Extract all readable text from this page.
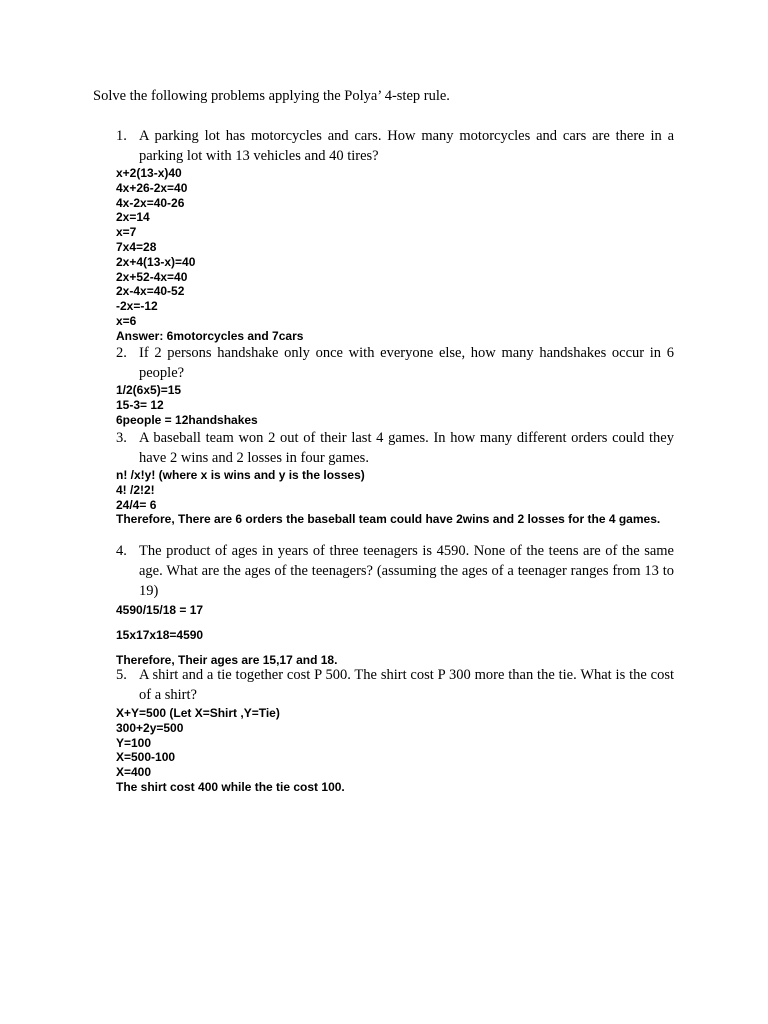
Solve the following problems applying the Polya’ 4-step rule.
1. A parking lot has motorcycles and cars. How many motorcycles and cars are there in a parking lot with 13 vehicles and 40 tires?
x+2(13-x)40
4x+26-2x=40
4x-2x=40-26
2x=14
x=7
7x4=28
2x+4(13-x)=40
2x+52-4x=40
2x-4x=40-52
-2x=-12
x=6
Answer: 6motorcycles and 7cars
2. If 2 persons handshake only once with everyone else, how many handshakes occur in 6 people?
1/2(6x5)=15
15-3= 12
6people = 12handshakes
3. A baseball team won 2 out of their last 4 games. In how many different orders could they have 2 wins and 2 losses in four games.
n! /x!y! (where x is wins and y is the losses)
4! /2!2!
24/4= 6
Therefore, There are 6 orders the baseball team could have 2wins and 2 losses for the 4 games.
4. The product of ages in years of three teenagers is 4590. None of the teens are of the same age. What are the ages of the teenagers? (assuming the ages of a teenager ranges from 13 to 19)
4590/15/18 = 17
15x17x18=4590
Therefore, Their ages are 15,17 and 18.
5. A shirt and a tie together cost P 500. The shirt cost P 300 more than the tie. What is the cost of a shirt?
X+Y=500 (Let X=Shirt ,Y=Tie)
300+2y=500
Y=100
X=500-100
X=400
The shirt cost 400 while the tie cost 100.
